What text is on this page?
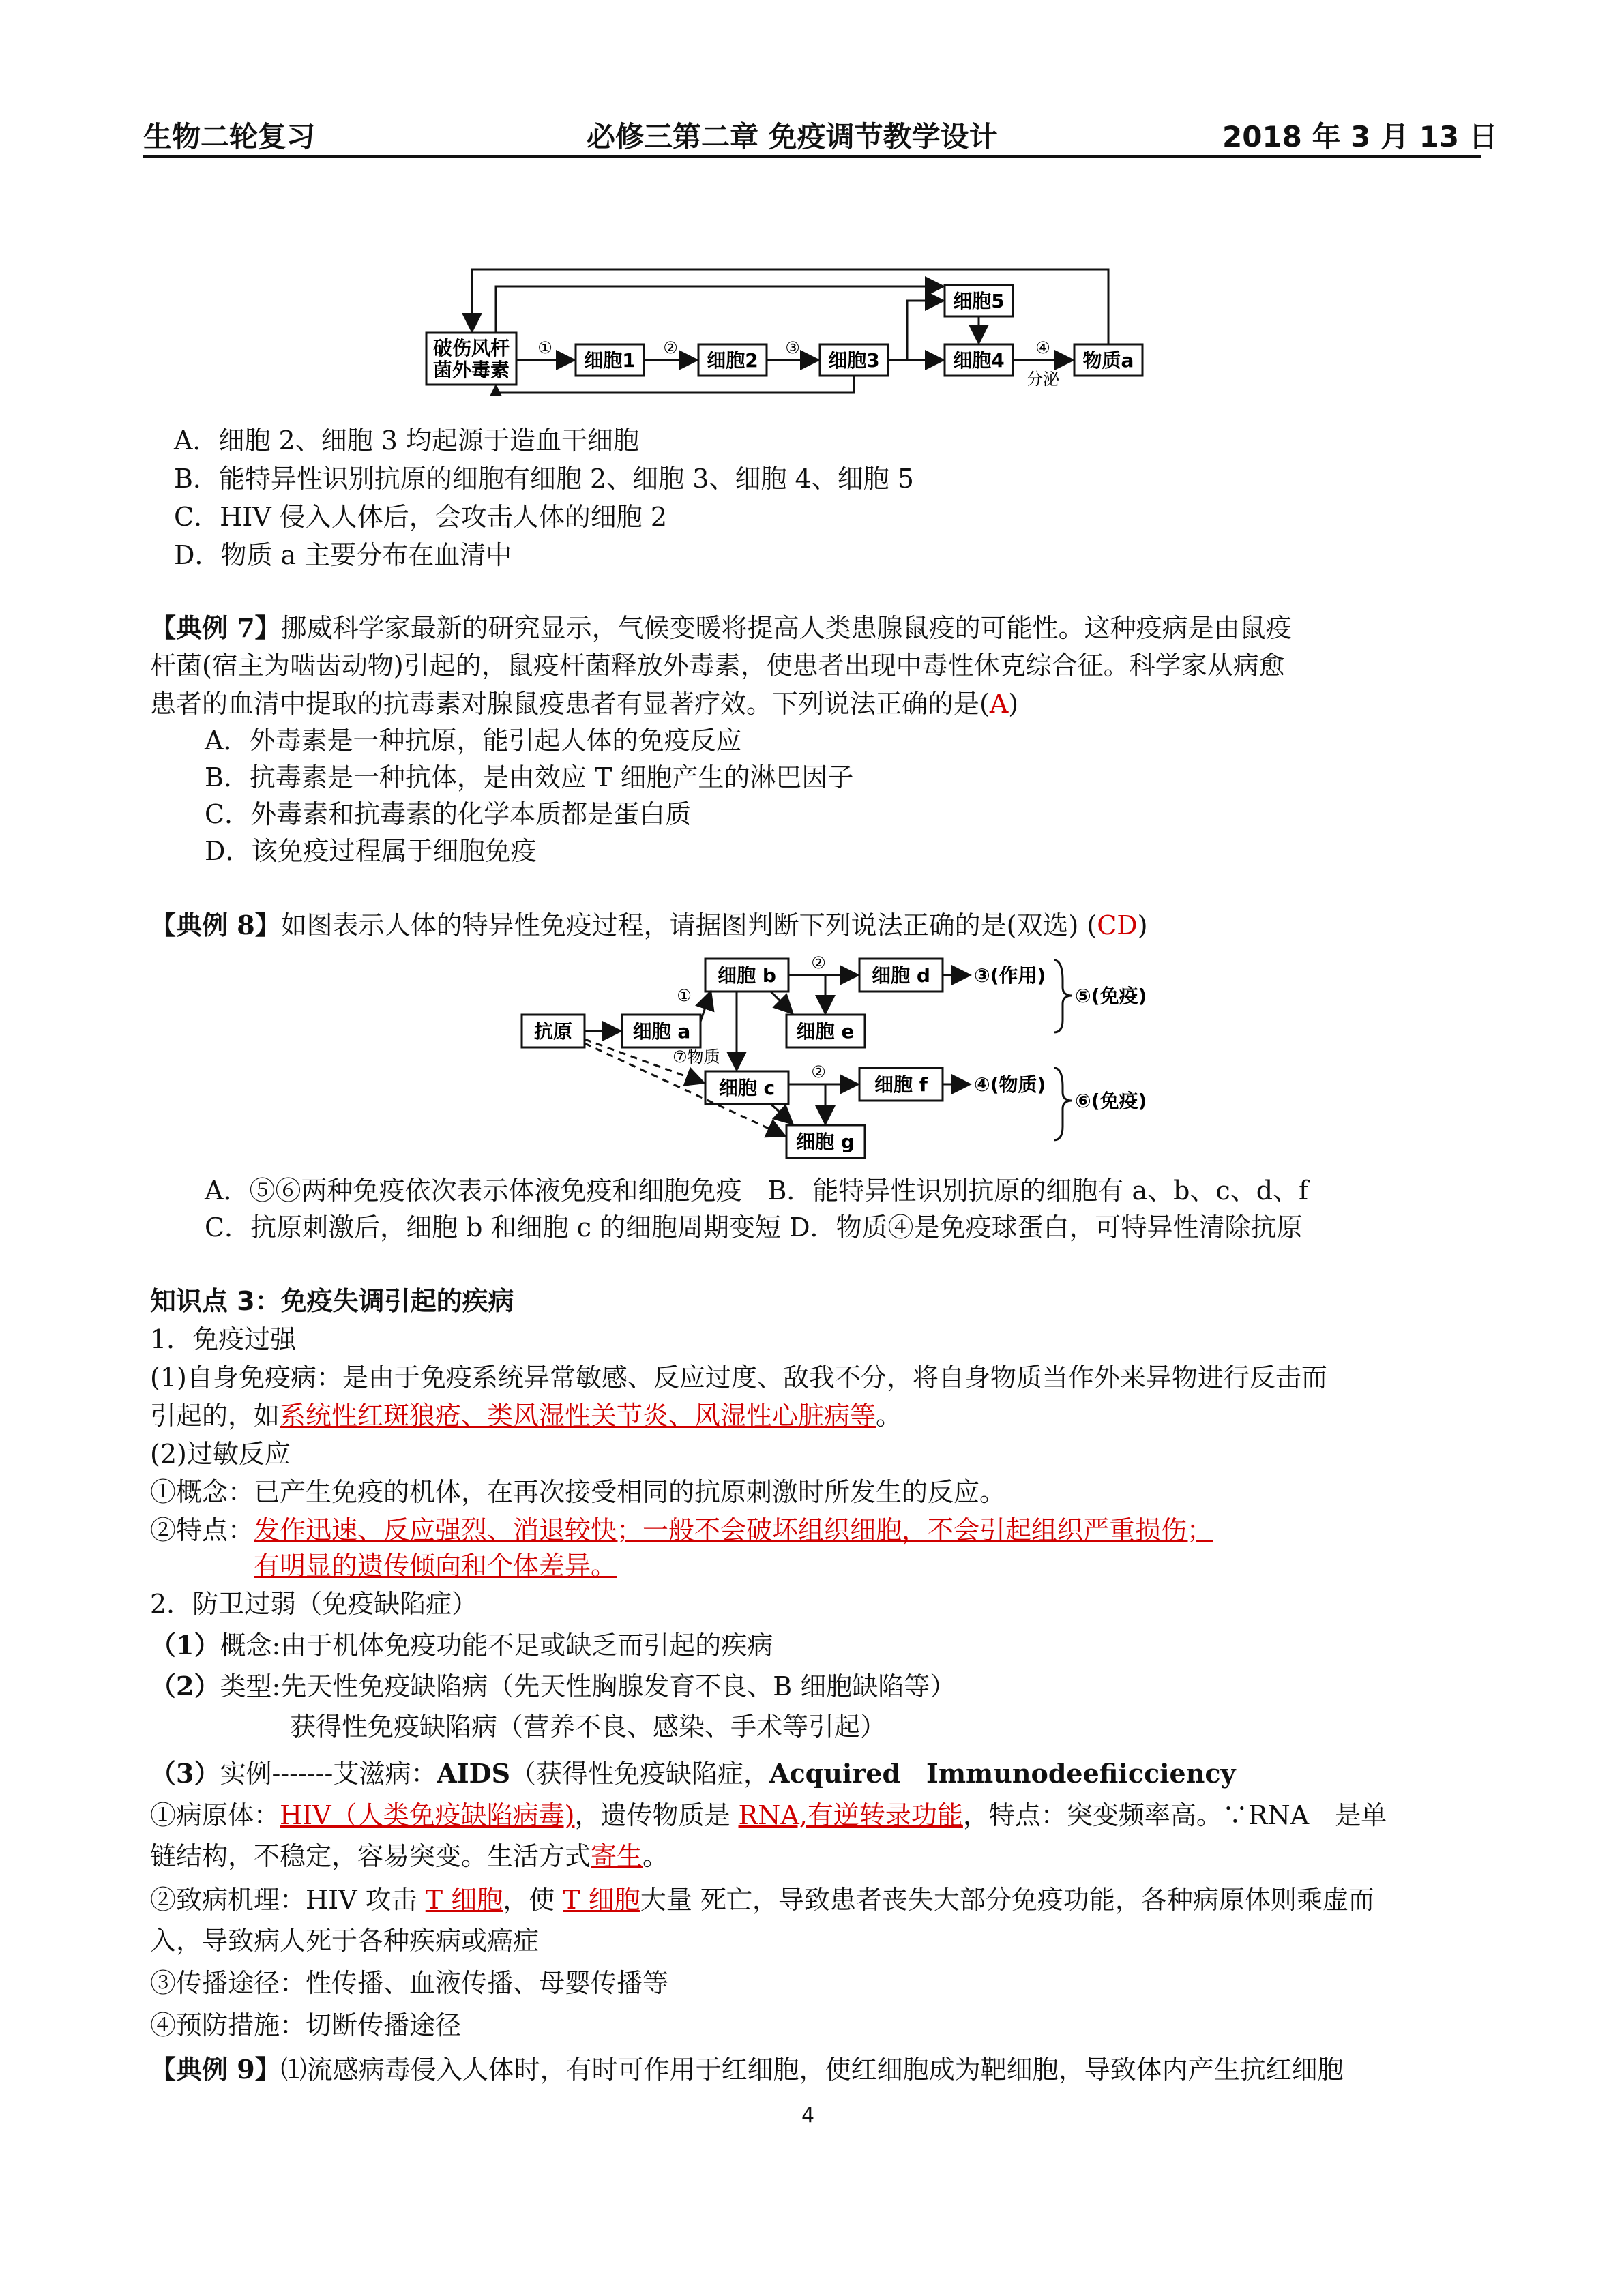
生物二轮复习	必修三第二章 免疫调节教学设计	2018 年 3 月 13 日
破伤风杆
菌外毒素	细胞1	细胞2	细胞3	细胞4
细胞5
物质a
①	②	③	④
分泌
A．细胞 2、细胞 3 均起源于造血干细胞
B．能特异性识别抗原的细胞有细胞 2、细胞 3、细胞 4、细胞 5
C．HIV 侵入人体后，会攻击人体的细胞 2
D．物质 a 主要分布在血清中
【典例 7】挪威科学家最新的研究显示，气候变暖将提高人类患腺鼠疫的可能性。这种疫病是由鼠疫
杆菌(宿主为啮齿动物)引起的，鼠疫杆菌释放外毒素，使患者出现中毒性休克综合征。科学家从病愈
患者的血清中提取的抗毒素对腺鼠疫患者有显著疗效。下列说法正确的是(A)
A．外毒素是一种抗原，能引起人体的免疫反应
B．抗毒素是一种抗体，是由效应 T 细胞产生的淋巴因子
C．外毒素和抗毒素的化学本质都是蛋白质
D．该免疫过程属于细胞免疫
【典例 8】如图表示人体的特异性免疫过程，请据图判断下列说法正确的是(双选) (CD)
抗原	细胞 a
细胞 b	细胞 d
细胞 e
细胞 c	细胞 f
细胞 g
①
②
②
③(作用)
④(物质)
⑤(免疫)
⑥(免疫)
⑦物质
A．⑤⑥两种免疫依次表示体液免疫和细胞免疫　B．能特异性识别抗原的细胞有 a、b、c、d、f
C．抗原刺激后，细胞 b 和细胞 c 的细胞周期变短 D．物质④是免疫球蛋白，可特异性清除抗原
知识点 3：免疫失调引起的疾病
1．免疫过强
(1)自身免疫病：是由于免疫系统异常敏感、反应过度、敌我不分，将自身物质当作外来异物进行反击而
引起的，如系统性红斑狼疮、类风湿性关节炎、风湿性心脏病等。
(2)过敏反应
①概念：已产生免疫的机体，在再次接受相同的抗原刺激时所发生的反应。
②特点：发作迅速、反应强烈、消退较快；一般不会破坏组织细胞，不会引起组织严重损伤；
有明显的遗传倾向和个体差异。
2．防卫过弱（免疫缺陷症）
（1）概念:由于机体免疫功能不足或缺乏而引起的疾病
（2）类型:先天性免疫缺陷病（先天性胸腺发育不良、B 细胞缺陷等）
获得性免疫缺陷病（营养不良、感染、手术等引起）
（3）实例-------艾滋病：AIDS（获得性免疫缺陷症，Acquired　Immunodeefiicciency
①病原体：HIV（人类免疫缺陷病毒)，遗传物质是 RNA,有逆转录功能，特点：突变频率高。∵RNA　是单
链结构，不稳定，容易突变。生活方式寄生。
②致病机理：HIV 攻击 T 细胞，使 T 细胞大量 死亡，导致患者丧失大部分免疫功能，各种病原体则乘虚而
入，导致病人死于各种疾病或癌症
③传播途径：性传播、血液传播、母婴传播等
④预防措施：切断传播途径
【典例 9】⑴流感病毒侵入人体时，有时可作用于红细胞，使红细胞成为靶细胞，导致体内产生抗红细胞
4
